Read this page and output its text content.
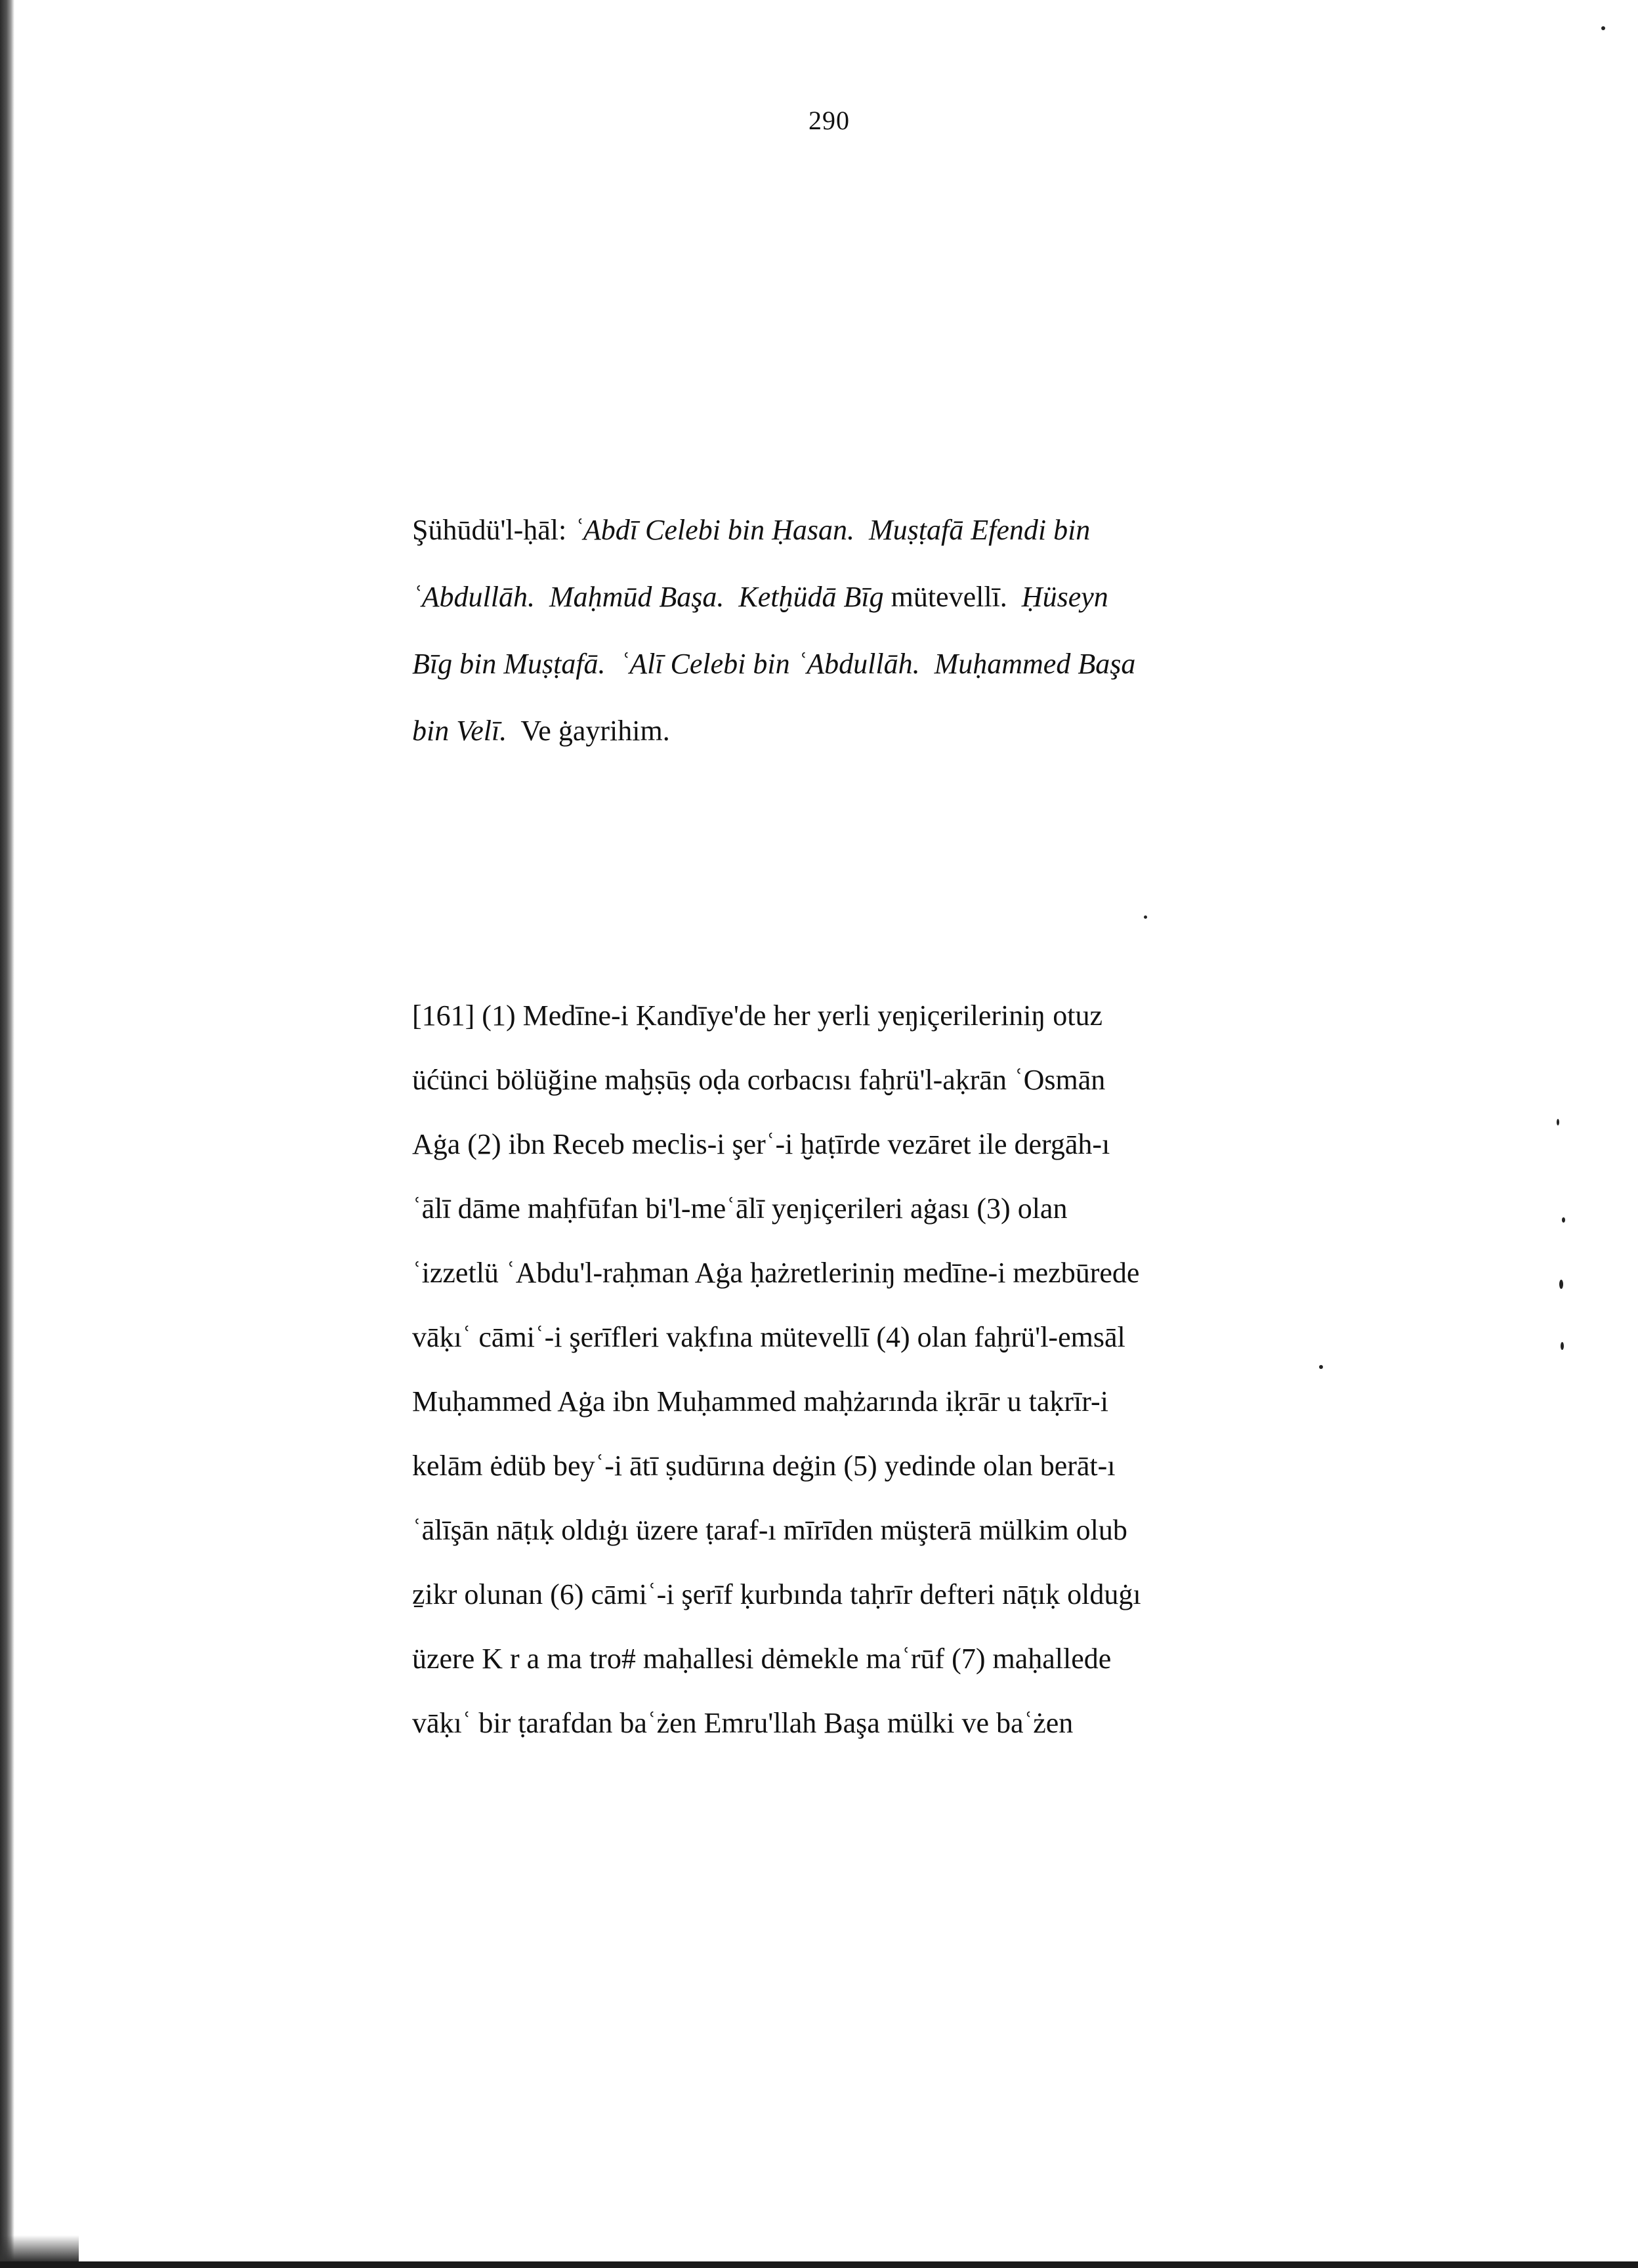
290
Şühūdü'l-ḥāl: ʿAbdī Celebi bin Ḥasan.  Muṣṭafā Efendi bin
ʿAbdullāh.  Maḥmūd Başa.  Ketḫüdā Bīg mütevellī.  Ḥüseyn
Bīg bin Muṣṭafā.  ʿAlī Celebi bin ʿAbdullāh.  Muḥammed Başa
bin Velī.  Ve ġayrihim.
[161] (1) Medīne-i Ḳandīye'de her yerli yeŋiçerileriniŋ otuz
üćünci bölüğine maḫṣūṣ oḍa corbacısı faḫrü'l-aḳrān ʿOsmān
Aġa (2) ibn Receb meclis-i şerʿ-i ḫaṭīrde vezāret ile dergāh-ı
ʿālī dāme maḥfūfan bi'l-meʿālī yeŋiçerileri aġası (3) olan
ʿizzetlü ʿAbdu'l-raḥman Aġa ḥażretleriniŋ medīne-i mezbūrede
vāḳıʿ cāmiʿ-i şerīfleri vaḳfına mütevellī (4) olan faḫrü'l-emsāl
Muḥammed Aġa ibn Muḥammed maḥżarında iḳrār u taḳrīr-i
kelām ėdüb beyʿ-i ātī ṣudūrına deġin (5) yedinde olan berāt-ı
ʿālīşān nāṭıḳ oldıġı üzere ṭaraf-ı mīrīden müşterā mülkim olub
ẕikr olunan (6) cāmiʿ-i şerīf ḳurbında taḥrīr defteri nāṭıḳ olduġı
üzere K r a ma tro# maḥallesi dėmekle maʿrūf (7) maḥallede
vāḳıʿ bir ṭarafdan baʿżen Emru'llah Başa mülki ve baʿżen
